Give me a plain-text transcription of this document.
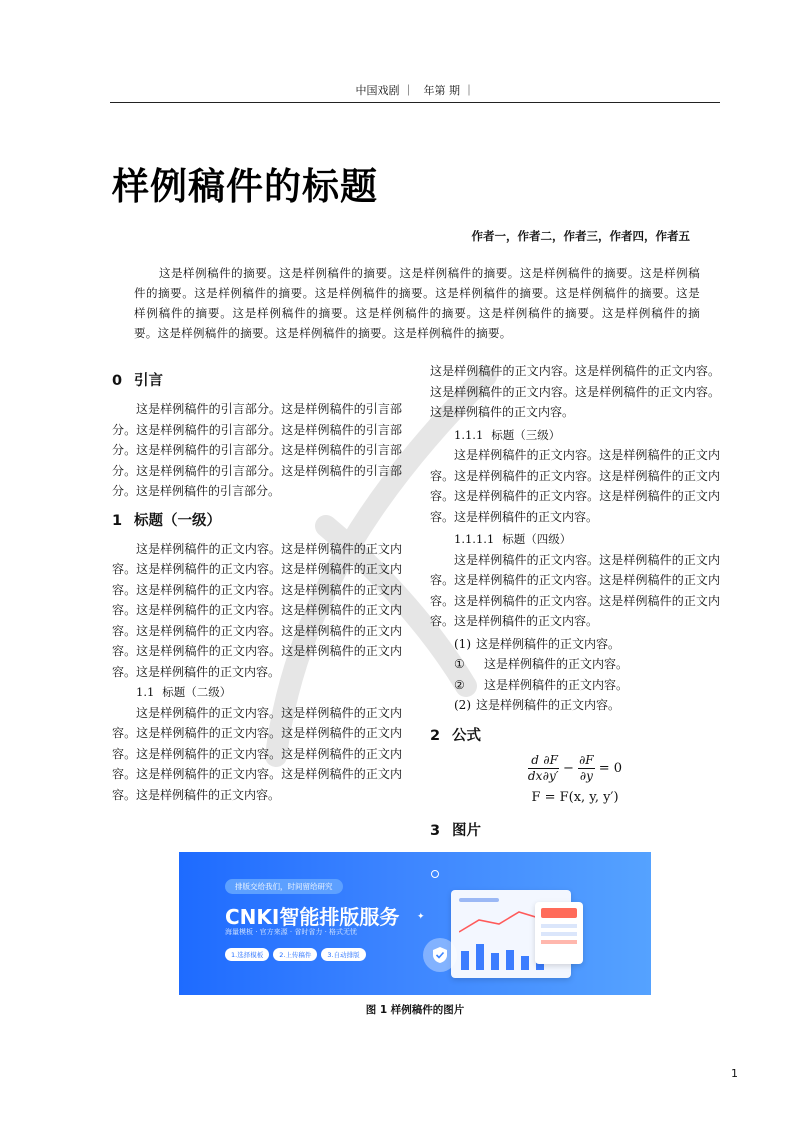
中国戏剧 ｜ 年第 期 ｜
样例稿件的标题
作者一，作者二，作者三，作者四，作者五
这是样例稿件的摘要。这是样例稿件的摘要。这是样例稿件的摘要。这是样例稿件的摘要。这是样例稿件的摘要。这是样例稿件的摘要。这是样例稿件的摘要。这是样例稿件的摘要。这是样例稿件的摘要。这是样例稿件的摘要。这是样例稿件的摘要。这是样例稿件的摘要。这是样例稿件的摘要。这是样例稿件的摘要。这是样例稿件的摘要。这是样例稿件的摘要。这是样例稿件的摘要。
0 引言

这是样例稿件的引言部分。这是样例稿件的引言部分。这是样例稿件的引言部分。这是样例稿件的引言部分。这是样例稿件的引言部分。这是样例稿件的引言部分。这是样例稿件的引言部分。这是样例稿件的引言部分。这是样例稿件的引言部分。

1 标题（一级）

这是样例稿件的正文内容。这是样例稿件的正文内容。这是样例稿件的正文内容。这是样例稿件的正文内容。这是样例稿件的正文内容。这是样例稿件的正文内容。这是样例稿件的正文内容。这是样例稿件的正文内容。这是样例稿件的正文内容。这是样例稿件的正文内容。这是样例稿件的正文内容。这是样例稿件的正文内容。这是样例稿件的正文内容。

1.1 标题（二级）

这是样例稿件的正文内容。这是样例稿件的正文内容。这是样例稿件的正文内容。这是样例稿件的正文内容。这是样例稿件的正文内容。这是样例稿件的正文内容。这是样例稿件的正文内容。这是样例稿件的正文内容。这是样例稿件的正文内容。

这是样例稿件的正文内容。这是样例稿件的正文内容。这是样例稿件的正文内容。这是样例稿件的正文内容。这是样例稿件的正文内容。

1.1.1 标题（三级）

这是样例稿件的正文内容。这是样例稿件的正文内容。这是样例稿件的正文内容。这是样例稿件的正文内容。这是样例稿件的正文内容。这是样例稿件的正文内容。这是样例稿件的正文内容。

1.1.1.1 标题（四级）

这是样例稿件的正文内容。这是样例稿件的正文内容。这是样例稿件的正文内容。这是样例稿件的正文内容。这是样例稿件的正文内容。这是样例稿件的正文内容。这是样例稿件的正文内容。

(1) 这是样例稿件的正文内容。
① 这是样例稿件的正文内容。
② 这是样例稿件的正文内容。
(2) 这是样例稿件的正文内容。
2 公式
$\frac{d}{dx} \frac{\partial F}{\partial y'} - \frac{\partial F}{\partial y} = 0$
F = F(x, y, y′)
3 图片
排版交给我们，时间留给研究
CNKI智能排版服务
海量模板 · 官方来源 · 省时省力 · 格式无忧
1.选择模板	2.上传稿件	3.自动排版
✦
图 1 样例稿件的图片
1
